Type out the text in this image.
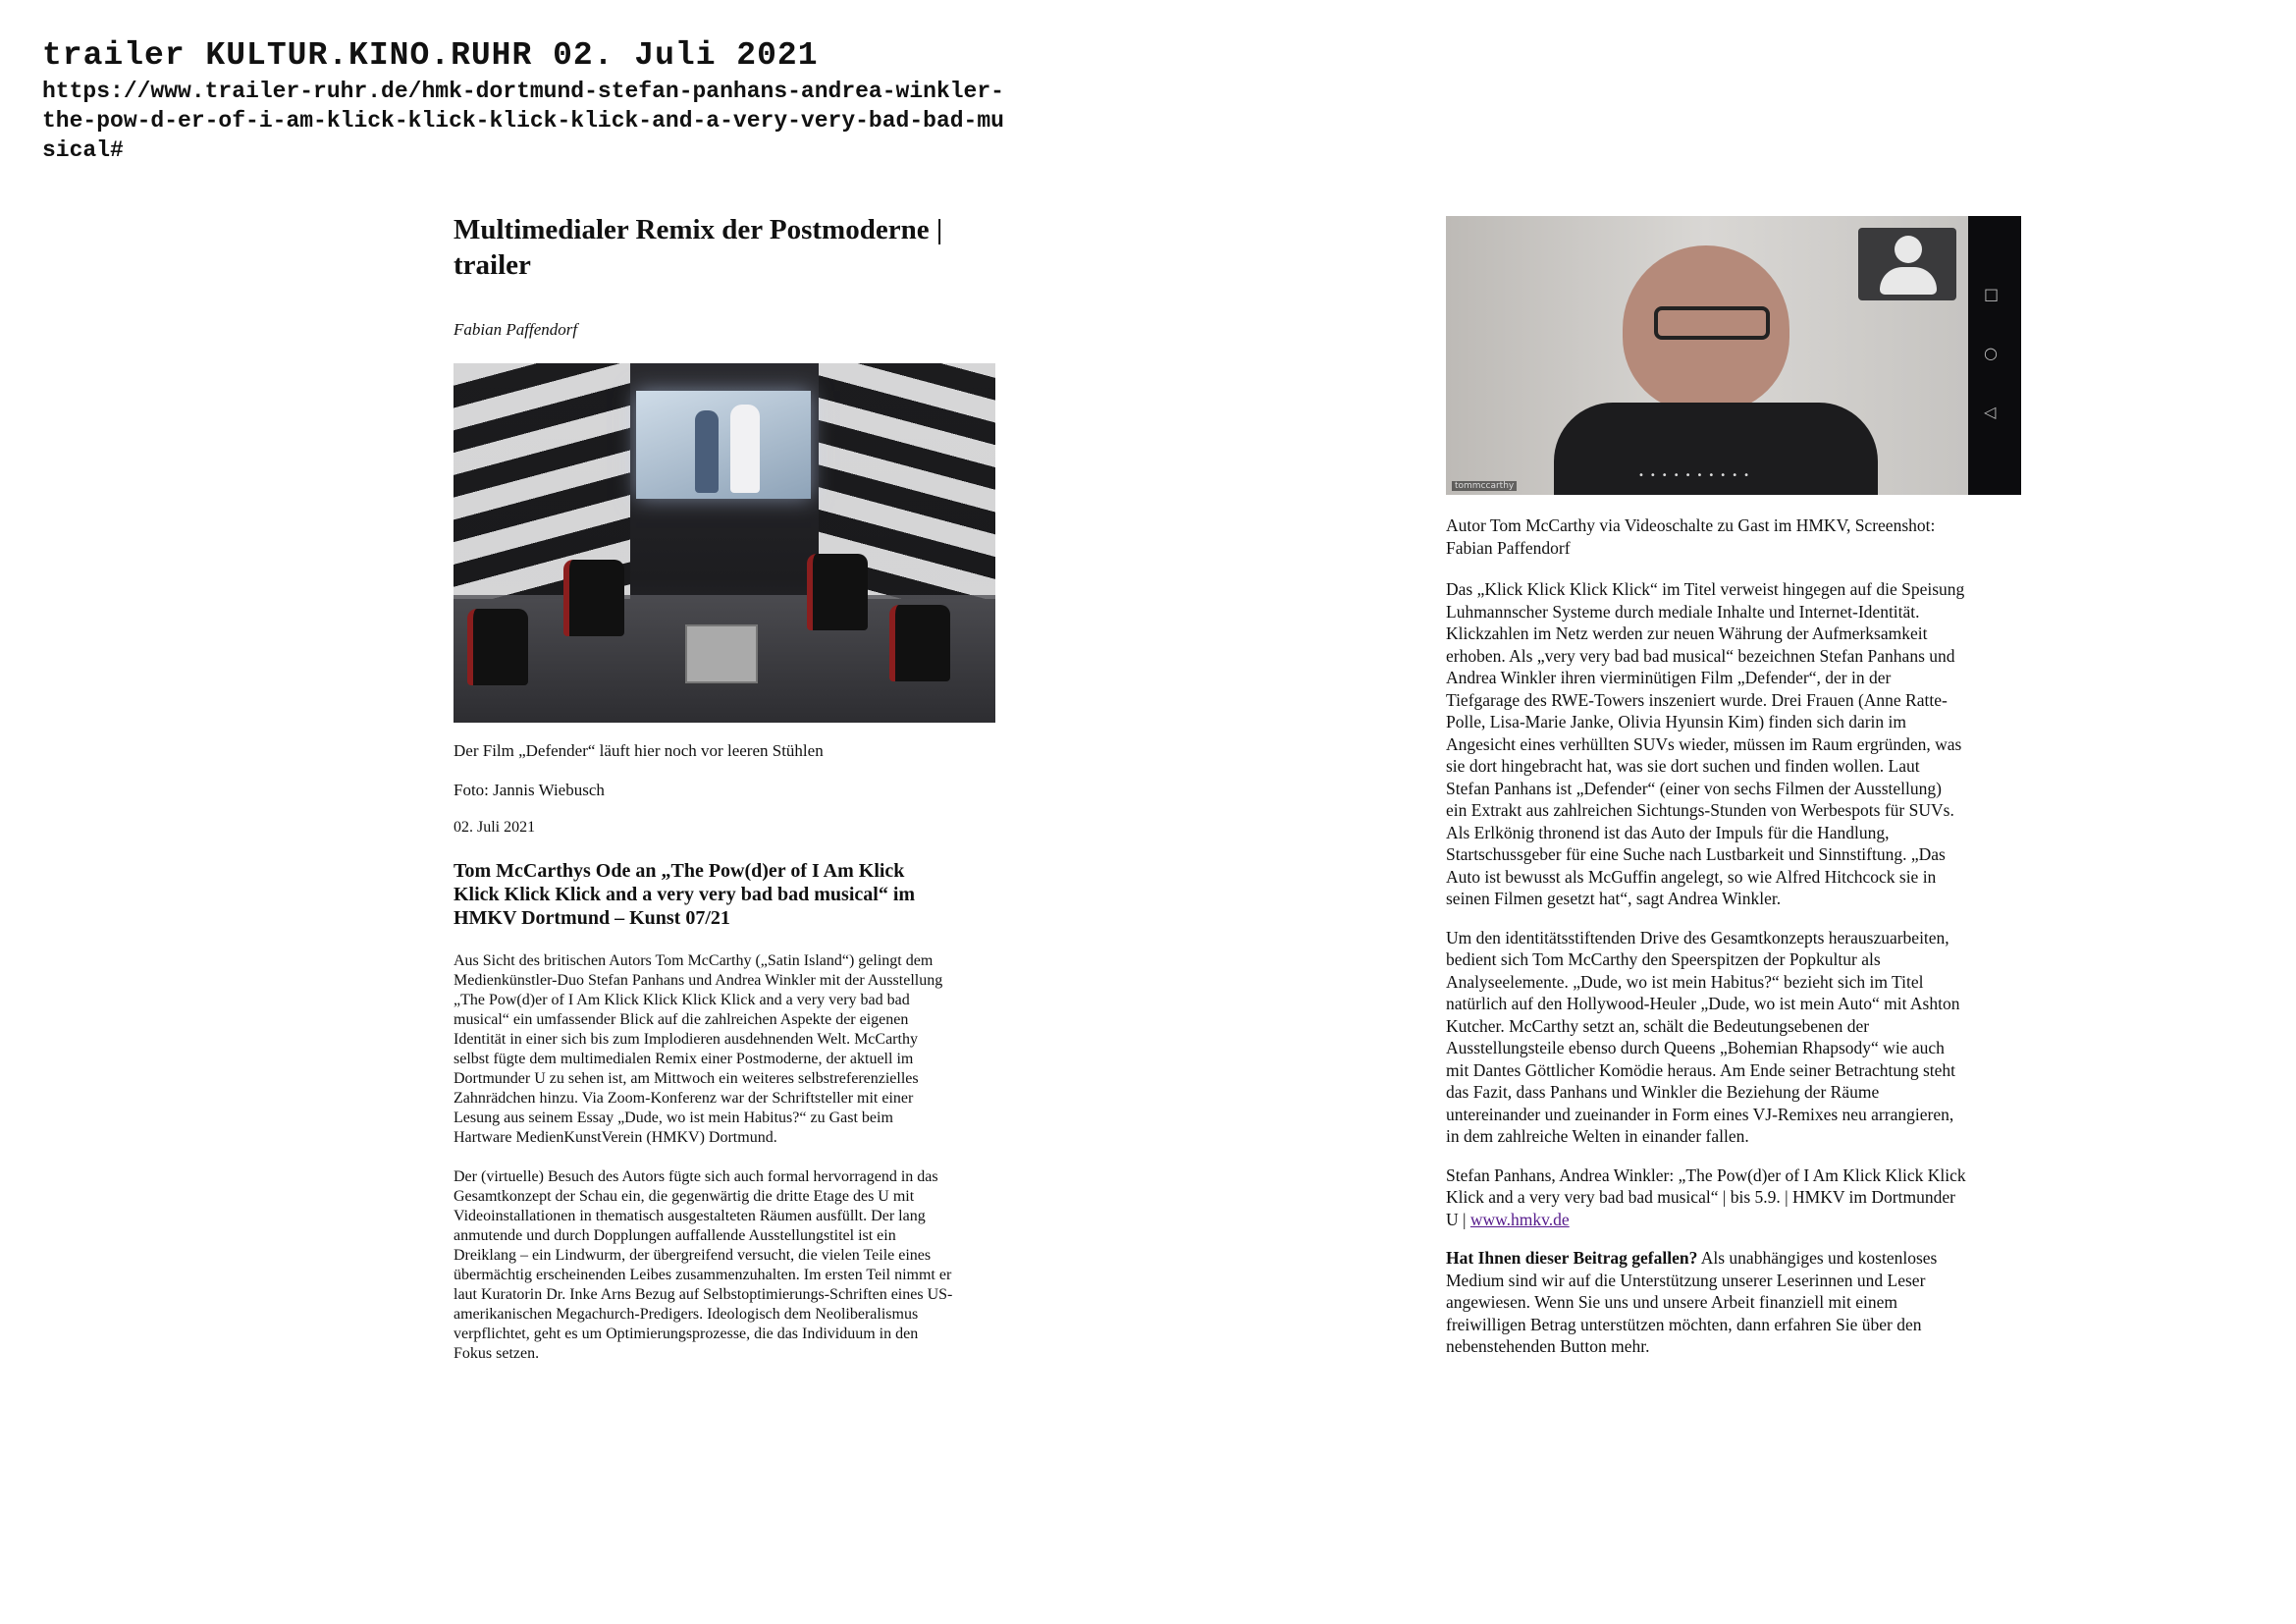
trailer KULTUR.KINO.RUHR 02. Juli 2021
https://www.trailer-ruhr.de/hmk-dortmund-stefan-panhans-andrea-winkler-the-pow-d-er-of-i-am-klick-klick-klick-klick-and-a-very-very-bad-bad-musical#
Multimedialer Remix der Postmoderne | trailer
Fabian Paffendorf
Der Film „Defender“ läuft hier noch vor leeren Stühlen
Foto: Jannis Wiebusch
02. Juli 2021
Tom McCarthys Ode an „The Pow(d)er of I Am Klick Klick Klick Klick and a very very bad bad musical“ im HMKV Dortmund – Kunst 07/21

Aus Sicht des britischen Autors Tom McCarthy („Satin Island“) gelingt dem Medienkünstler-Duo Stefan Panhans und Andrea Winkler mit der Ausstellung „The Pow(d)er of I Am Klick Klick Klick Klick and a very very bad bad musical“ ein umfassender Blick auf die zahlreichen Aspekte der eigenen Identität in einer sich bis zum Implodieren ausdehnenden Welt. McCarthy selbst fügte dem multimedialen Remix einer Postmoderne, der aktuell im Dortmunder U zu sehen ist, am Mittwoch ein weiteres selbstreferenzielles Zahnrädchen hinzu. Via Zoom-Konferenz war der Schriftsteller mit einer Lesung aus seinem Essay „Dude, wo ist mein Habitus?“ zu Gast beim Hartware MedienKunstVerein (HMKV) Dortmund.

Der (virtuelle) Besuch des Autors fügte sich auch formal hervorragend in das Gesamtkonzept der Schau ein, die gegenwärtig die dritte Etage des U mit Videoinstallationen in thematisch ausgestalteten Räumen ausfüllt. Der lang anmutende und durch Dopplungen auffallende Ausstellungstitel ist ein Dreiklang – ein Lindwurm, der übergreifend versucht, die vielen Teile eines übermächtig erscheinenden Leibes zusammenzuhalten. Im ersten Teil nimmt er laut Kuratorin Dr. Inke Arns Bezug auf Selbstoptimierungs-Schriften eines US-amerikanischen Megachurch-Predigers. Ideologisch dem Neoliberalismus verpflichtet, geht es um Optimierungsprozesse, die das Individuum in den Fokus setzen.

□
○
◁
••••••••••
tommccarthy
Autor Tom McCarthy via Videoschalte zu Gast im HMKV, Screenshot: Fabian Paffendorf

Das „Klick Klick Klick Klick“ im Titel verweist hingegen auf die Speisung Luhmannscher Systeme durch mediale Inhalte und Internet-Identität. Klickzahlen im Netz werden zur neuen Währung der Aufmerksamkeit erhoben. Als „very very bad bad musical“ bezeichnen Stefan Panhans und Andrea Winkler ihren vierminütigen Film „Defender“, der in der Tiefgarage des RWE-Towers inszeniert wurde. Drei Frauen (Anne Ratte-Polle, Lisa-Marie Janke, Olivia Hyunsin Kim) finden sich darin im Angesicht eines verhüllten SUVs wieder, müssen im Raum ergründen, was sie dort hingebracht hat, was sie dort suchen und finden wollen. Laut Stefan Panhans ist „Defender“ (einer von sechs Filmen der Ausstellung) ein Extrakt aus zahlreichen Sichtungs-Stunden von Werbespots für SUVs. Als Erlkönig thronend ist das Auto der Impuls für die Handlung, Startschussgeber für eine Suche nach Lustbarkeit und Sinnstiftung. „Das Auto ist bewusst als McGuffin angelegt, so wie Alfred Hitchcock sie in seinen Filmen gesetzt hat“, sagt Andrea Winkler.

Um den identitätsstiftenden Drive des Gesamtkonzepts herauszuarbeiten, bedient sich Tom McCarthy den Speerspitzen der Popkultur als Analyseelemente. „Dude, wo ist mein Habitus?“ bezieht sich im Titel natürlich auf den Hollywood-Heuler „Dude, wo ist mein Auto“ mit Ashton Kutcher. McCarthy setzt an, schält die Bedeutungsebenen der Ausstellungsteile ebenso durch Queens „Bohemian Rhapsody“ wie auch mit Dantes Göttlicher Komödie heraus. Am Ende seiner Betrachtung steht das Fazit, dass Panhans und Winkler die Beziehung der Räume untereinander und zueinander in Form eines VJ-Remixes neu arrangieren, in dem zahlreiche Welten in einander fallen.

Stefan Panhans, Andrea Winkler: „The Pow(d)er of I Am Klick Klick Klick Klick and a very very bad bad musical“ | bis 5.9. | HMKV im Dortmunder U | www.hmkv.de

Hat Ihnen dieser Beitrag gefallen? Als unabhängiges und kostenloses Medium sind wir auf die Unterstützung unserer Leserinnen und Leser angewiesen. Wenn Sie uns und unsere Arbeit finanziell mit einem freiwilligen Betrag unterstützen möchten, dann erfahren Sie über den nebenstehenden Button mehr.
